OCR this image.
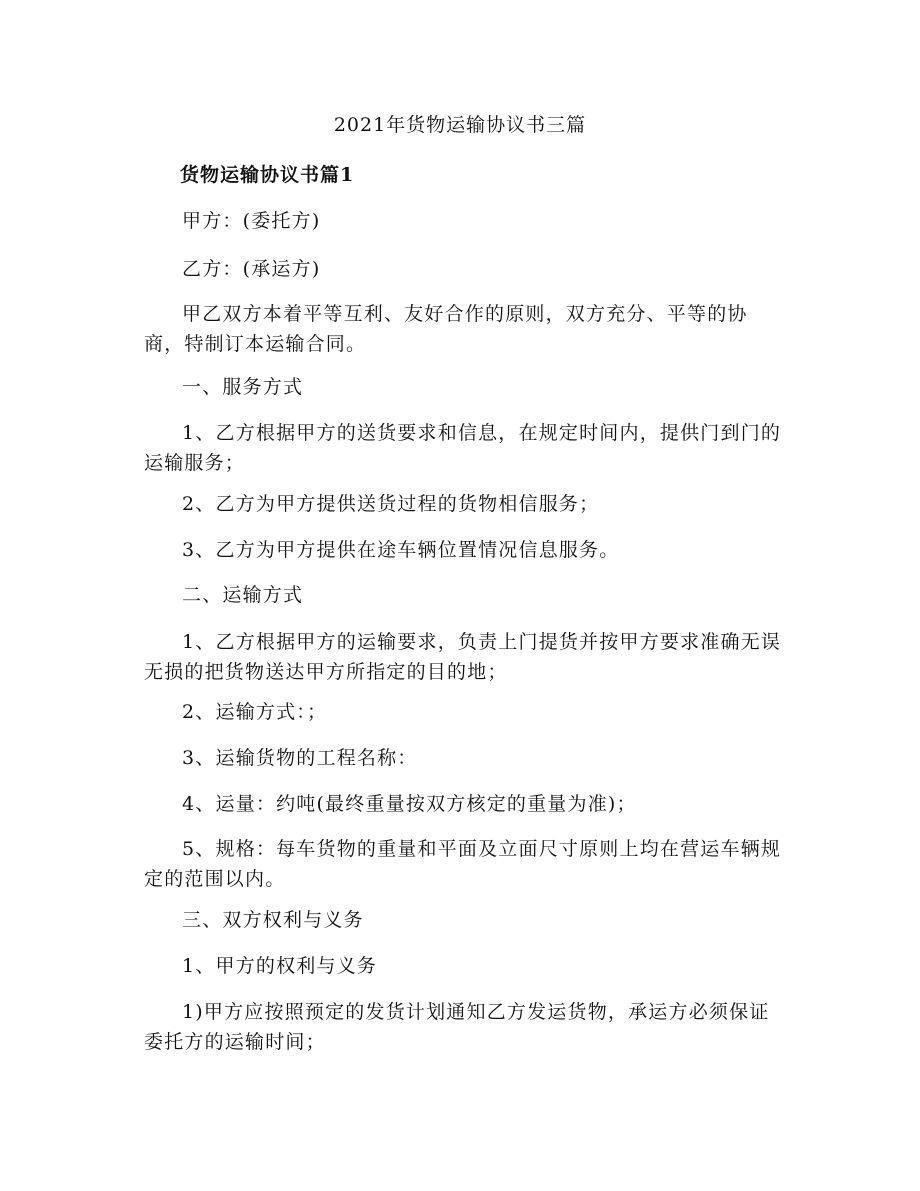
2021年货物运输协议书三篇
货物运输协议书篇1

甲方：(委托方)

乙方：(承运方)

甲乙双方本着平等互利、友好合作的原则，双方充分、平等的协商，特制订本运输合同。

一、服务方式

1、乙方根据甲方的送货要求和信息，在规定时间内，提供门到门的运输服务；

2、乙方为甲方提供送货过程的货物相信服务；

3、乙方为甲方提供在途车辆位置情况信息服务。

二、运输方式

1、乙方根据甲方的运输要求，负责上门提货并按甲方要求准确无误无损的把货物送达甲方所指定的目的地；

2、运输方式：；

3、运输货物的工程名称：

4、运量：约吨(最终重量按双方核定的重量为准)；

5、规格：每车货物的重量和平面及立面尺寸原则上均在营运车辆规定的范围以内。

三、双方权利与义务

1、甲方的权利与义务

1)甲方应按照预定的发货计划通知乙方发运货物，承运方必须保证委托方的运输时间；
